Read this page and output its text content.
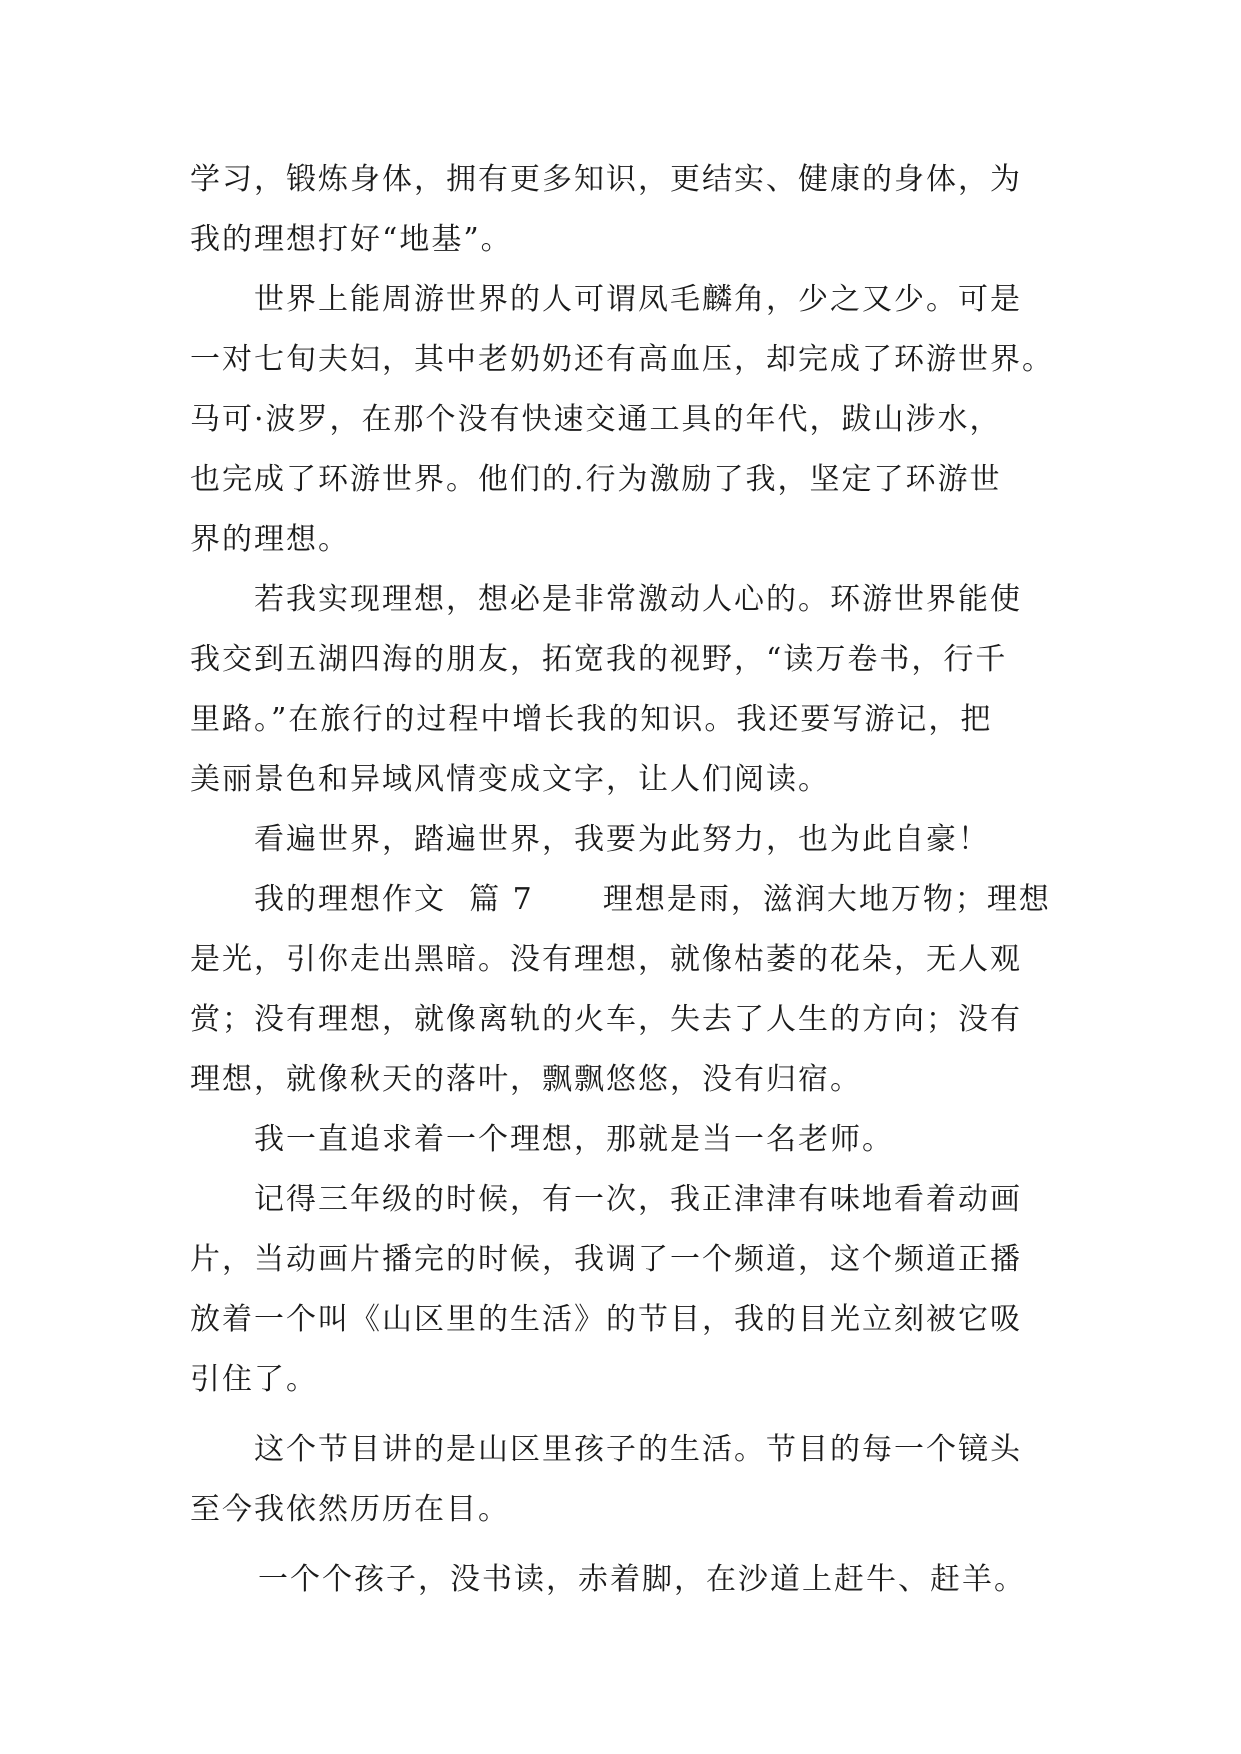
学习，锻炼身体，拥有更多知识，更结实、健康的身体，为
我的理想打好“地基”。
世界上能周游世界的人可谓凤毛麟角，少之又少。可是
一对七旬夫妇，其中老奶奶还有高血压，却完成了环游世界。
马可·波罗，在那个没有快速交通工具的年代，跋山涉水，
也完成了环游世界。他们的.行为激励了我，坚定了环游世
界的理想。
若我实现理想，想必是非常激动人心的。环游世界能使
我交到五湖四海的朋友，拓宽我的视野，“读万卷书，行千
里路。”在旅行的过程中增长我的知识。我还要写游记，把
美丽景色和异域风情变成文字，让人们阅读。
看遍世界，踏遍世界，我要为此努力，也为此自豪！
我的理想作文  篇 7      理想是雨，滋润大地万物；理想
是光，引你走出黑暗。没有理想，就像枯萎的花朵，无人观
赏；没有理想，就像离轨的火车，失去了人生的方向；没有
理想，就像秋天的落叶，飘飘悠悠，没有归宿。
我一直追求着一个理想，那就是当一名老师。
记得三年级的时候，有一次，我正津津有味地看着动画
片，当动画片播完的时候，我调了一个频道，这个频道正播
放着一个叫《山区里的生活》的节目，我的目光立刻被它吸
引住了。
这个节目讲的是山区里孩子的生活。节目的每一个镜头
至今我依然历历在目。
一个个孩子，没书读，赤着脚，在沙道上赶牛、赶羊。
